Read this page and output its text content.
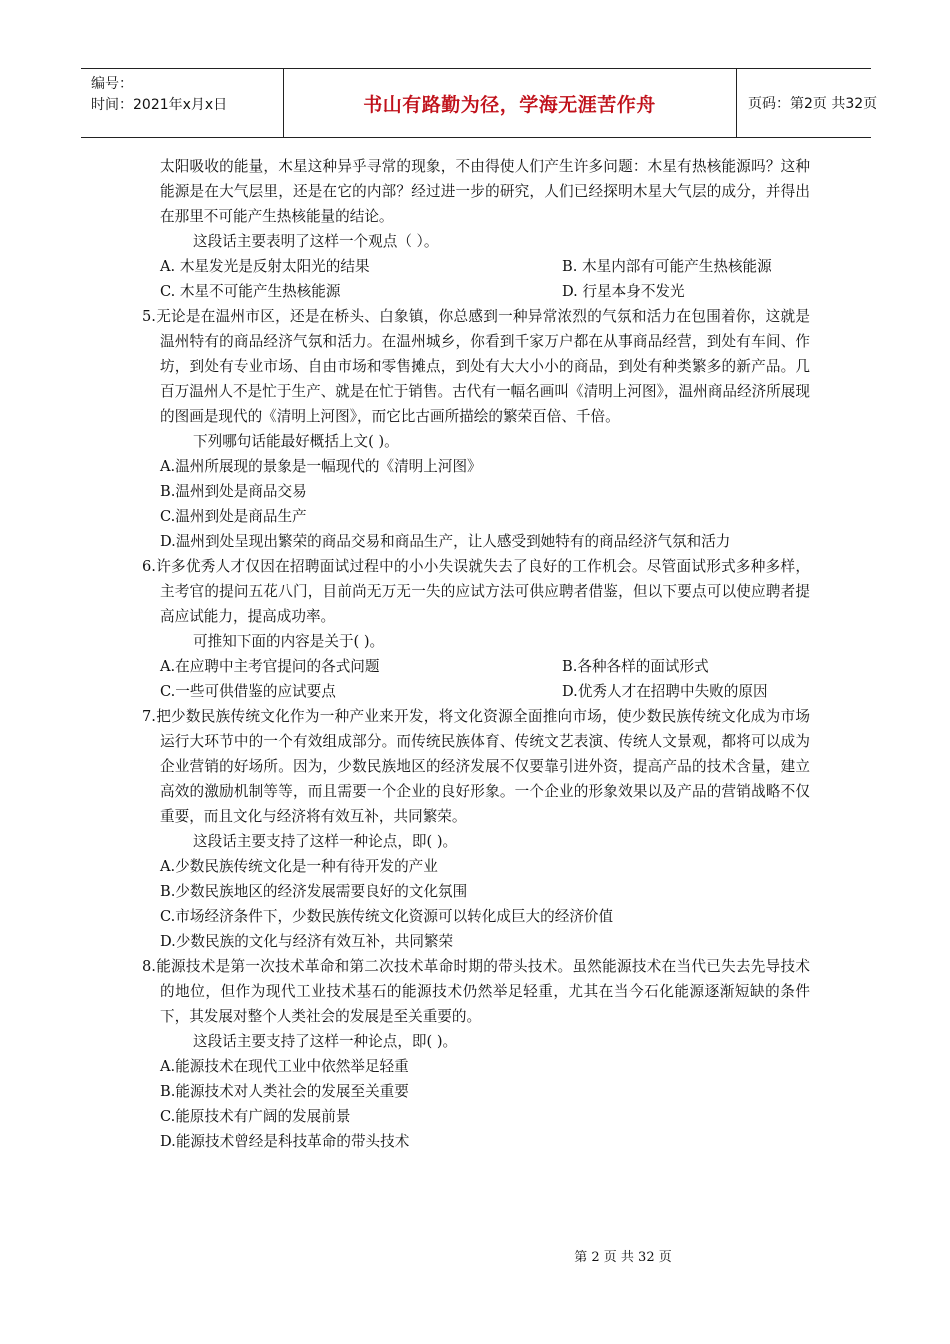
编号：
时间：2021年x月x日	书山有路勤为径，学海无涯苦作舟	页码：第2页 共32页

太阳吸收的能量，木星这种异乎寻常的现象，不由得使人们产生许多问题：木星有热核能源吗？这种能源是在大气层里，还是在它的内部？经过进一步的研究，人们已经探明木星大气层的成分，并得出在那里不可能产生热核能量的结论。

这段话主要表明了这样一个观点（ ）。

A. 木星发光是反射太阳光的结果	B. 木星内部有可能产生热核能源
C. 木星不可能产生热核能源	D. 行星本身不发光

5.无论是在温州市区，还是在桥头、白象镇，你总感到一种异常浓烈的气氛和活力在包围着你，这就是温州特有的商品经济气氛和活力。在温州城乡，你看到千家万户都在从事商品经营，到处有车间、作坊，到处有专业市场、自由市场和零售摊点，到处有大大小小的商品，到处有种类繁多的新产品。几百万温州人不是忙于生产、就是在忙于销售。古代有一幅名画叫《清明上河图》，温州商品经济所展现的图画是现代的《清明上河图》，而它比古画所描绘的繁荣百倍、千倍。

下列哪句话能最好概括上文( )。

A.温州所展现的景象是一幅现代的《清明上河图》

B.温州到处是商品交易

C.温州到处是商品生产

D.温州到处呈现出繁荣的商品交易和商品生产，让人感受到她特有的商品经济气氛和活力

6.许多优秀人才仅因在招聘面试过程中的小小失误就失去了良好的工作机会。尽管面试形式多种多样，主考官的提问五花八门，目前尚无万无一失的应试方法可供应聘者借鉴，但以下要点可以使应聘者提高应试能力，提高成功率。

可推知下面的内容是关于( )。

A.在应聘中主考官提问的各式问题	B.各种各样的面试形式
C.一些可供借鉴的应试要点	D.优秀人才在招聘中失败的原因

7.把少数民族传统文化作为一种产业来开发，将文化资源全面推向市场，使少数民族传统文化成为市场运行大环节中的一个有效组成部分。而传统民族体育、传统文艺表演、传统人文景观，都将可以成为企业营销的好场所。因为，少数民族地区的经济发展不仅要靠引进外资，提高产品的技术含量，建立高效的激励机制等等，而且需要一个企业的良好形象。一个企业的形象效果以及产品的营销战略不仅重要，而且文化与经济将有效互补，共同繁荣。

这段话主要支持了这样一种论点，即( )。

A.少数民族传统文化是一种有待开发的产业

B.少数民族地区的经济发展需要良好的文化氛围

C.市场经济条件下，少数民族传统文化资源可以转化成巨大的经济价值

D.少数民族的文化与经济有效互补，共同繁荣

8.能源技术是第一次技术革命和第二次技术革命时期的带头技术。虽然能源技术在当代已失去先导技术的地位，但作为现代工业技术基石的能源技术仍然举足轻重，尤其在当今石化能源逐渐短缺的条件下，其发展对整个人类社会的发展是至关重要的。

这段话主要支持了这样一种论点，即( )。

A.能源技术在现代工业中依然举足轻重

B.能源技术对人类社会的发展至关重要

C.能原技术有广阔的发展前景

D.能源技术曾经是科技革命的带头技术

第 2 页 共 32 页
